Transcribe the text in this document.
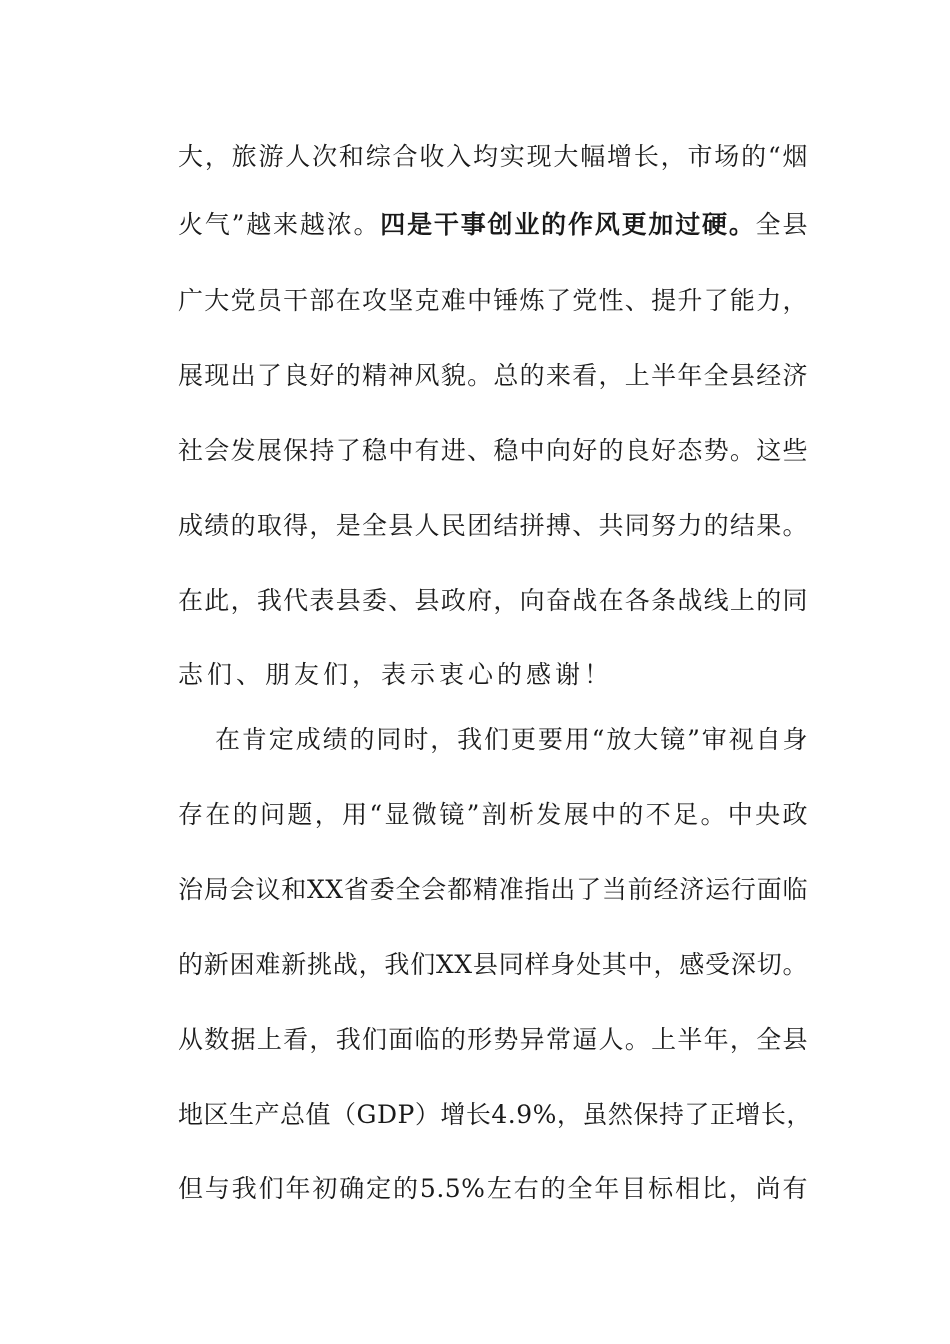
大，旅游人次和综合收入均实现大幅增长，市场的“烟
火气”越来越浓。四是干事创业的作风更加过硬。全县
广大党员干部在攻坚克难中锤炼了党性、提升了能力，
展现出了良好的精神风貌。总的来看，上半年全县经济
社会发展保持了稳中有进、稳中向好的良好态势。这些
成绩的取得，是全县人民团结拼搏、共同努力的结果。
在此，我代表县委、县政府，向奋战在各条战线上的同
志们、朋友们，表示衷心的感谢！
在肯定成绩的同时，我们更要用“放大镜”审视自身
存在的问题，用“显微镜”剖析发展中的不足。中央政
治局会议和XX省委全会都精准指出了当前经济运行面临
的新困难新挑战，我们XX县同样身处其中，感受深切。
从数据上看，我们面临的形势异常逼人。上半年，全县
地区生产总值（GDP）增长4.9%，虽然保持了正增长，
但与我们年初确定的5.5%左右的全年目标相比，尚有
